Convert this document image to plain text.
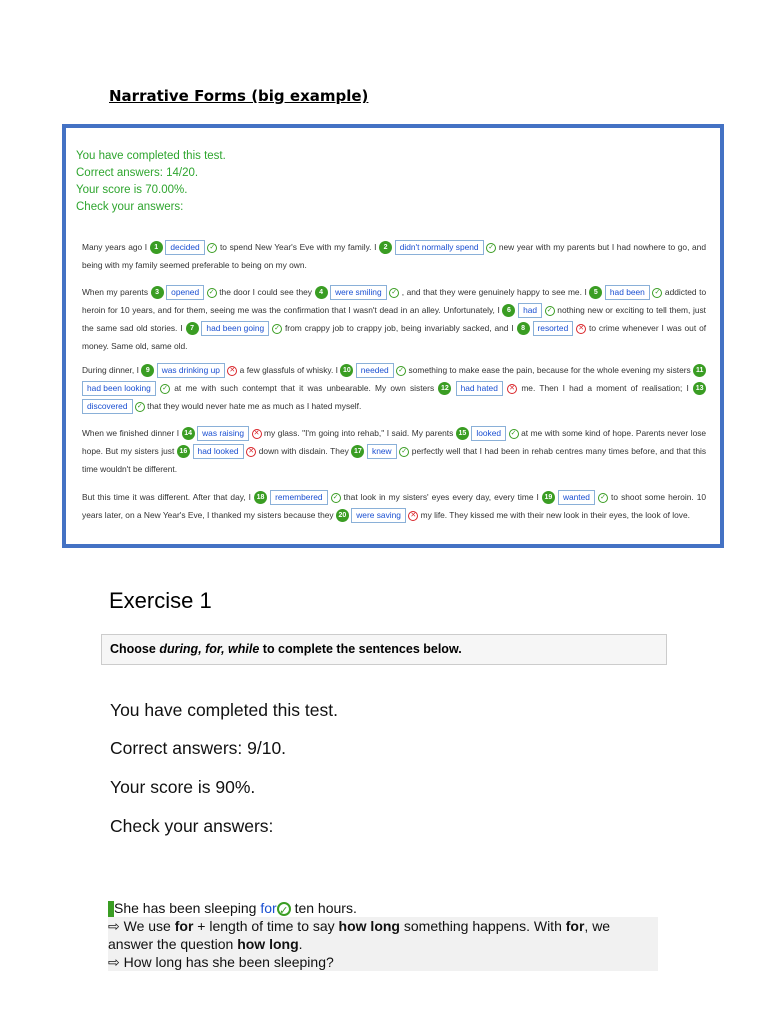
Narrative Forms (big example)
You have completed this test.
Correct answers: 14/20.
Your score is 70.00%.
Check your answers:
Many years ago I 1 decided ✓ to spend New Year's Eve with my family. I 2 didn't normally spend ✓ new year with my parents but I had nowhere to go, and being with my family seemed preferable to being on my own.
When my parents 3 opened ✓ the door I could see they 4 were smiling ✓ , and that they were genuinely happy to see me. I 5 had been ✓ addicted to heroin for 10 years, and for them, seeing me was the confirmation that I wasn't dead in an alley. Unfortunately, I 6 had ✓ nothing new or exciting to tell them, just the same sad old stories. I 7 had been going ✓ from crappy job to crappy job, being invariably sacked, and I 8 resorted ✕ to crime whenever I was out of money. Same old, same old.
During dinner, I 9 was drinking up ✕ a few glassfuls of whisky. I 10 needed ✓ something to make ease the pain, because for the whole evening my sisters 11 had been looking ✓ at me with such contempt that it was unbearable. My own sisters 12 had hated ✕ me. Then I had a moment of realisation; I 13 discovered ✓ that they would never hate me as much as I hated myself.
When we finished dinner I 14 was raising ✕ my glass. "I'm going into rehab," I said. My parents 15 looked ✓ at me with some kind of hope. Parents never lose hope. But my sisters just 16 had looked ✕ down with disdain. They 17 knew ✓ perfectly well that I had been in rehab centres many times before, and that this time wouldn't be different.
But this time it was different. After that day, I 18 remembered ✓ that look in my sisters' eyes every day, every time I 19 wanted ✓ to shoot some heroin. 10 years later, on a New Year's Eve, I thanked my sisters because they 20 were saving ✕ my life. They kissed me with their new look in their eyes, the look of love.
Exercise 1
Choose during, for, while to complete the sentences below.
You have completed this test.
Correct answers: 9/10.
Your score is 90%.
Check your answers:
She has been sleeping for ✓ ten hours.
⇨ We use for + length of time to say how long something happens. With for, we answer the question how long.
⇨ How long has she been sleeping?
